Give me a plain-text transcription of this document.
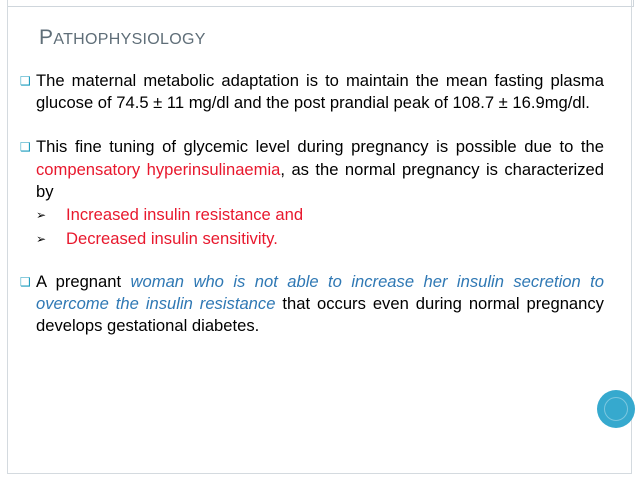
PATHOPHYSIOLOGY
❑ The maternal metabolic adaptation is to maintain the mean fasting plasma glucose of 74.5 ± 11 mg/dl and the post prandial peak of 108.7 ± 16.9mg/dl.
❑ This fine tuning of glycemic level during pregnancy is possible due to the compensatory hyperinsulinaemia, as the normal pregnancy is characterized by
➢ Increased insulin resistance and
➢ Decreased insulin sensitivity.
❑ A pregnant woman who is not able to increase her insulin secretion to overcome the insulin resistance that occurs even during normal pregnancy develops gestational diabetes.
